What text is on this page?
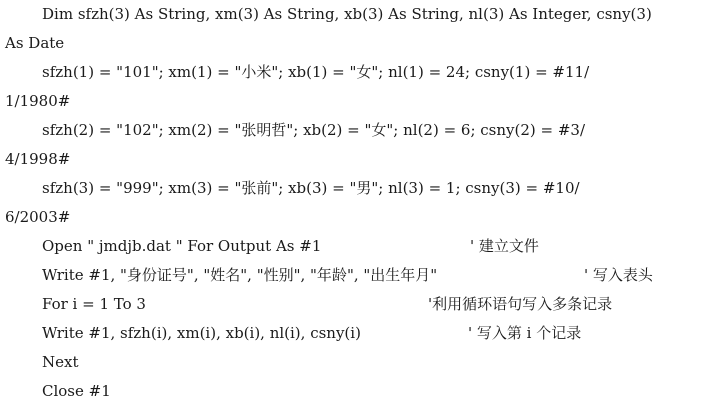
Dim sfzh(3) As String, xm(3) As String, xb(3) As String, nl(3) As Integer, csny(3)
As Date
sfzh(1) = "101"; xm(1) = "小米"; xb(1) = "女"; nl(1) = 24; csny(1) = #11/
1/1980#
sfzh(2) = "102"; xm(2) = "张明哲"; xb(2) = "女"; nl(2) = 6; csny(2) = #3/
4/1998#
sfzh(3) = "999"; xm(3) = "张前"; xb(3) = "男"; nl(3) = 1; csny(3) = #10/
6/2003#
Open " jmdjb.dat " For Output As #1	' 建立文件
Write #1, "身份证号", "姓名", "性别", "年龄", "出生年月"	' 写入表头
For i = 1 To 3	'利用循环语句写入多条记录
Write #1, sfzh(i), xm(i), xb(i), nl(i), csny(i)	' 写入第 i 个记录
Next
Close #1
